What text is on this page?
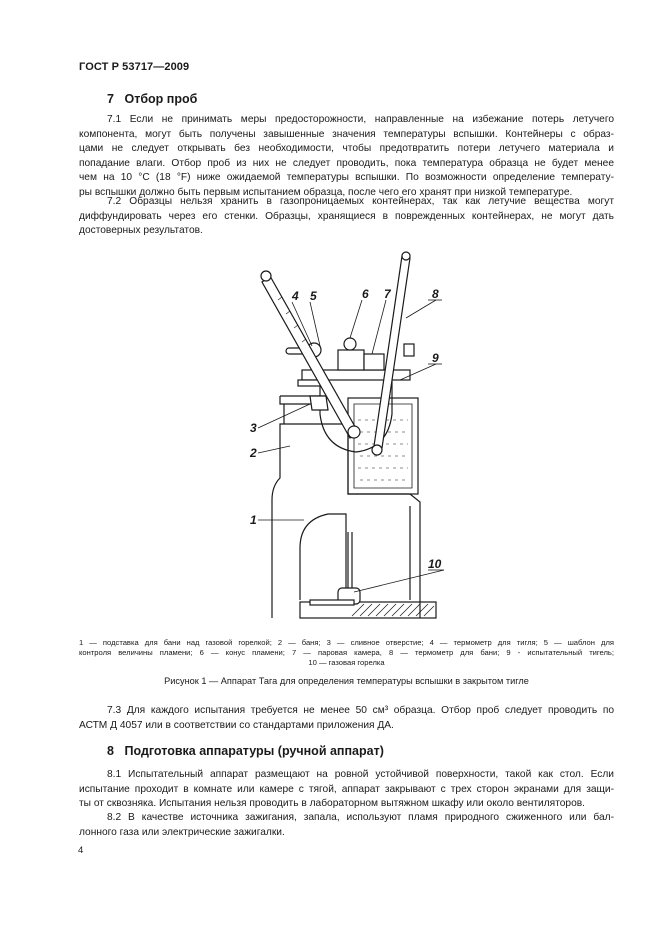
ГОСТ Р 53717—2009
7 Отбор проб
7.1 Если не принимать меры предосторожности, направленные на избежание потерь летучего
компонента, могут быть получены завышенные значения температуры вспышки. Контейнеры с образ-
цами не следует открывать без необходимости, чтобы предотвратить потери летучего материала и
попадание влаги. Отбор проб из них не следует проводить, пока температура образца не будет менее
чем на 10 °С (18 °F) ниже ожидаемой температуры вспышки. По возможности определение температу-
ры вспышки должно быть первым испытанием образца, после чего его хранят при низкой температуре.
7.2 Образцы нельзя хранить в газопроницаемых контейнерах, так как летучие вещества могут
диффундировать через его стенки. Образцы, хранящиеся в поврежденных контейнерах, не могут дать
достоверных результатов.
1
2
3
4 5	6 7	8
9
10
1 — подставка для бани над газовой горелкой; 2 — баня; 3 — сливное отверстие; 4 — термометр для тигля; 5 — шаблон для
контроля величины пламени; 6 — конус пламени; 7 — паровая камера, 8 — термометр для бани; 9 - испытательный тигель;
10 — газовая горелка
Рисунок 1 — Аппарат Тага для определения температуры вспышки в закрытом тигле
7.3 Для каждого испытания требуется не менее 50 см³ образца. Отбор проб следует проводить по
АСТМ Д 4057 или в соответствии со стандартами приложения ДА.
8 Подготовка аппаратуры (ручной аппарат)
8.1 Испытательный аппарат размещают на ровной устойчивой поверхности, такой как стол. Если
испытание проходит в комнате или камере с тягой, аппарат закрывают с трех сторон экранами для защи-
ты от сквозняка. Испытания нельзя проводить в лабораторном вытяжном шкафу или около вентиляторов.
8.2 В качестве источника зажигания, запала, используют пламя природного сжиженного или бал-
лонного газа или электрические зажигалки.
4
